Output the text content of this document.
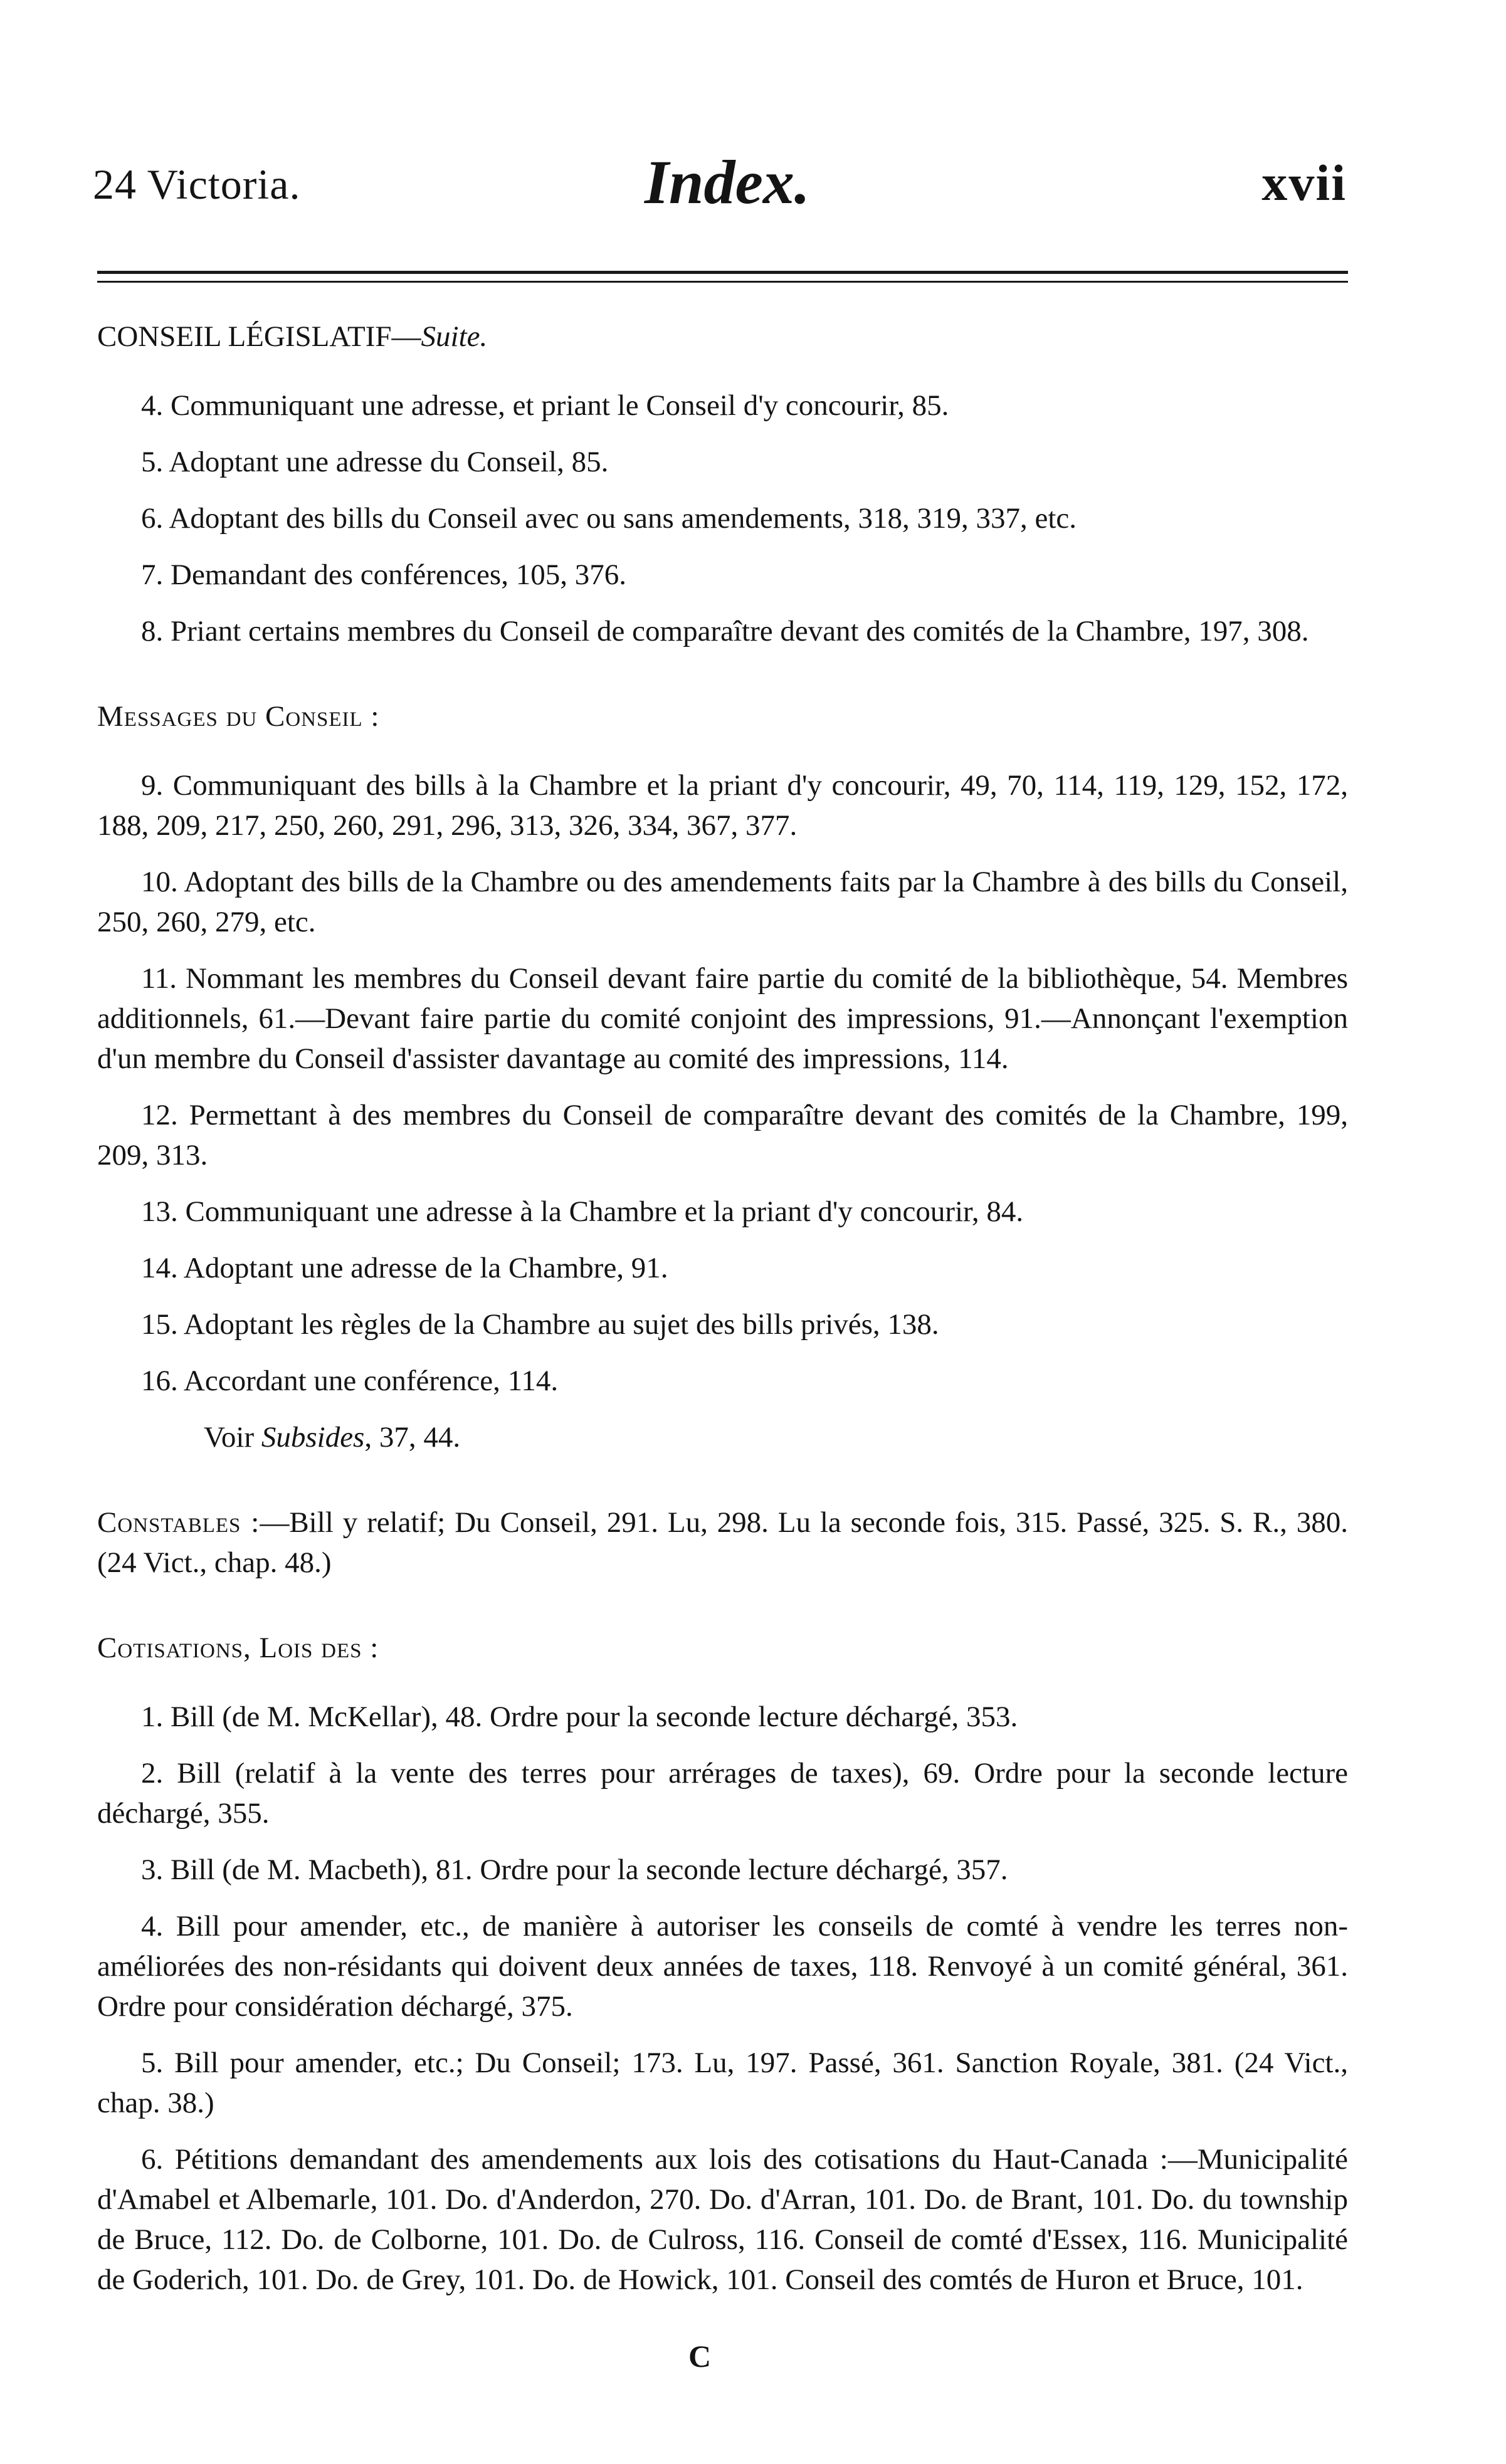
24 Victoria.	Index.	xvii

CONSEIL LÉGISLATIF—Suite.

4. Communiquant une adresse, et priant le Conseil d'y concourir, 85.

5. Adoptant une adresse du Conseil, 85.

6. Adoptant des bills du Conseil avec ou sans amendements, 318, 319, 337, etc.

7. Demandant des conférences, 105, 376.

8. Priant certains membres du Conseil de comparaître devant des comités de la Chambre, 197, 308.

Messages du Conseil :

9. Communiquant des bills à la Chambre et la priant d'y concourir, 49, 70, 114, 119, 129, 152, 172, 188, 209, 217, 250, 260, 291, 296, 313, 326, 334, 367, 377.

10. Adoptant des bills de la Chambre ou des amendements faits par la Chambre à des bills du Conseil, 250, 260, 279, etc.

11. Nommant les membres du Conseil devant faire partie du comité de la bibliothèque, 54. Membres additionnels, 61.—Devant faire partie du comité conjoint des impressions, 91.—Annonçant l'exemption d'un membre du Conseil d'assister davantage au comité des impressions, 114.

12. Permettant à des membres du Conseil de comparaître devant des comités de la Chambre, 199, 209, 313.

13. Communiquant une adresse à la Chambre et la priant d'y concourir, 84.

14. Adoptant une adresse de la Chambre, 91.

15. Adoptant les règles de la Chambre au sujet des bills privés, 138.

16. Accordant une conférence, 114.

Voir Subsides, 37, 44.

Constables :—Bill y relatif; Du Conseil, 291. Lu, 298. Lu la seconde fois, 315. Passé, 325. S. R., 380. (24 Vict., chap. 48.)

Cotisations, Lois des :

1. Bill (de M. McKellar), 48. Ordre pour la seconde lecture déchargé, 353.

2. Bill (relatif à la vente des terres pour arrérages de taxes), 69. Ordre pour la seconde lecture déchargé, 355.

3. Bill (de M. Macbeth), 81. Ordre pour la seconde lecture déchargé, 357.

4. Bill pour amender, etc., de manière à autoriser les conseils de comté à vendre les terres non-améliorées des non-résidants qui doivent deux années de taxes, 118. Renvoyé à un comité général, 361. Ordre pour considération déchargé, 375.

5. Bill pour amender, etc.; Du Conseil; 173. Lu, 197. Passé, 361. Sanction Royale, 381. (24 Vict., chap. 38.)

6. Pétitions demandant des amendements aux lois des cotisations du Haut-Canada :—Municipalité d'Amabel et Albemarle, 101. Do. d'Anderdon, 270. Do. d'Arran, 101. Do. de Brant, 101. Do. du township de Bruce, 112. Do. de Colborne, 101. Do. de Culross, 116. Conseil de comté d'Essex, 116. Municipalité de Goderich, 101. Do. de Grey, 101. Do. de Howick, 101. Conseil des comtés de Huron et Bruce, 101.

C
